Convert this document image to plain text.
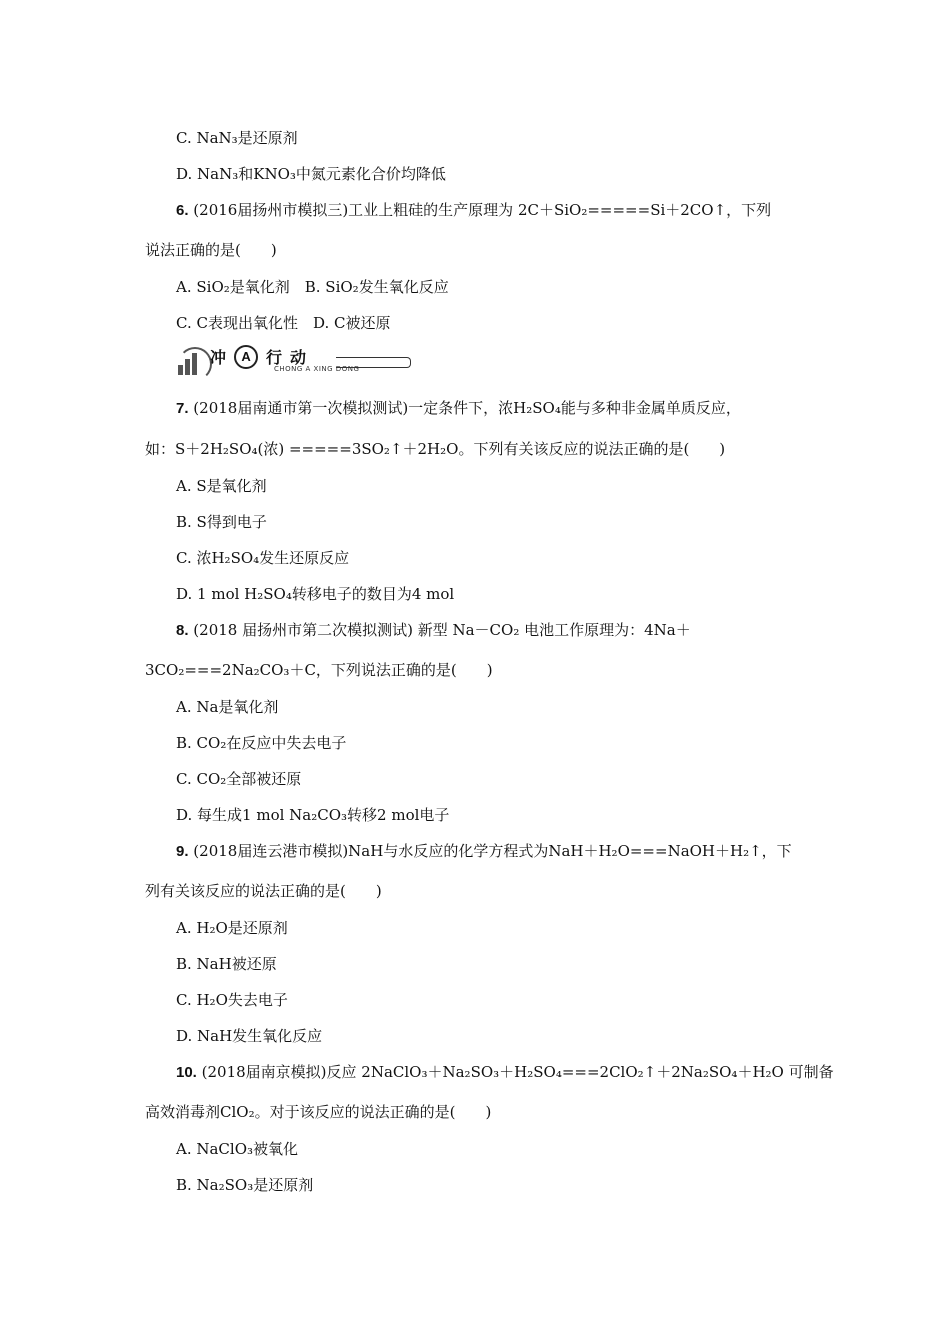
C. NaN₃是还原剂
D. NaN₃和KNO₃中氮元素化合价均降低
6. (2016届扬州市模拟三)工业上粗硅的生产原理为 2C＋SiO₂=====Si＋2CO↑，下列
说法正确的是(　　)
A. SiO₂是氧化剂　B. SiO₂发生氧化反应
C. C表现出氧化性　D. C被还原
冲	A 行 动
CHONG A XING DONG
7. (2018届南通市第一次模拟测试)一定条件下，浓H₂SO₄能与多种非金属单质反应，
如：S＋2H₂SO₄(浓) =====3SO₂↑＋2H₂O。下列有关该反应的说法正确的是(　　)
A. S是氧化剂
B. S得到电子
C. 浓H₂SO₄发生还原反应
D. 1 mol H₂SO₄转移电子的数目为4 mol
8. (2018 届扬州市第二次模拟测试) 新型 Na－CO₂ 电池工作原理为：4Na＋
3CO₂===2Na₂CO₃＋C，下列说法正确的是(　　)
A. Na是氧化剂
B. CO₂在反应中失去电子
C. CO₂全部被还原
D. 每生成1 mol Na₂CO₃转移2 mol电子
9. (2018届连云港市模拟)NaH与水反应的化学方程式为NaH＋H₂O===NaOH＋H₂↑，下
列有关该反应的说法正确的是(　　)
A. H₂O是还原剂
B. NaH被还原
C. H₂O失去电子
D. NaH发生氧化反应
10. (2018届南京模拟)反应 2NaClO₃＋Na₂SO₃＋H₂SO₄===2ClO₂↑＋2Na₂SO₄＋H₂O 可制备
高效消毒剂ClO₂。对于该反应的说法正确的是(　　)
A. NaClO₃被氧化
B. Na₂SO₃是还原剂
